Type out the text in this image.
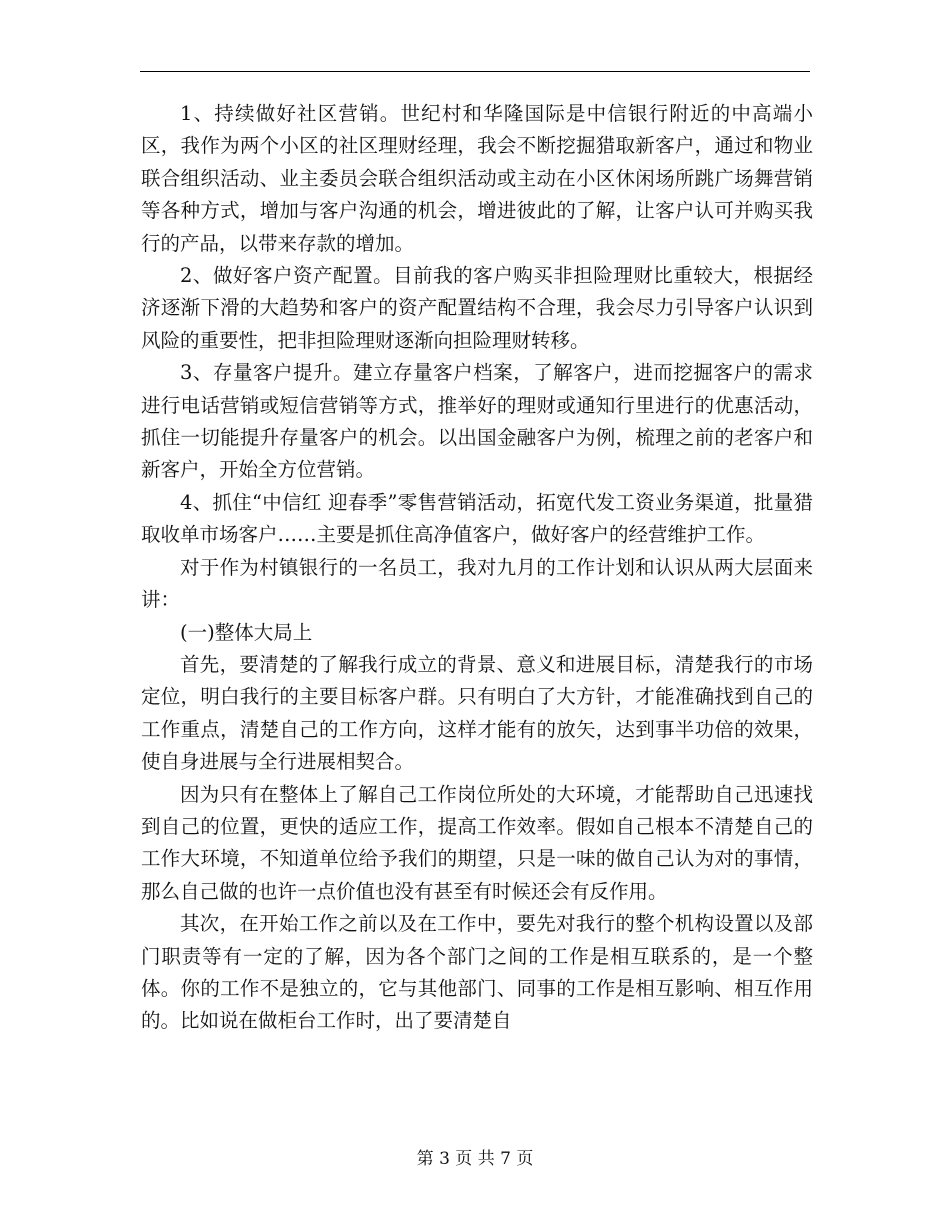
1、持续做好社区营销。世纪村和华隆国际是中信银行附近的中高端小区，我作为两个小区的社区理财经理，我会不断挖掘猎取新客户，通过和物业联合组织活动、业主委员会联合组织活动或主动在小区休闲场所跳广场舞营销等各种方式，增加与客户沟通的机会，增进彼此的了解，让客户认可并购买我行的产品，以带来存款的增加。

2、做好客户资产配置。目前我的客户购买非担险理财比重较大，根据经济逐渐下滑的大趋势和客户的资产配置结构不合理，我会尽力引导客户认识到风险的重要性，把非担险理财逐渐向担险理财转移。

3、存量客户提升。建立存量客户档案，了解客户，进而挖掘客户的需求进行电话营销或短信营销等方式，推举好的理财或通知行里进行的优惠活动，抓住一切能提升存量客户的机会。以出国金融客户为例，梳理之前的老客户和新客户，开始全方位营销。

4、抓住“中信红 迎春季”零售营销活动，拓宽代发工资业务渠道，批量猎取收单市场客户……主要是抓住高净值客户，做好客户的经营维护工作。

对于作为村镇银行的一名员工，我对九月的工作计划和认识从两大层面来讲：

(一)整体大局上

首先，要清楚的了解我行成立的背景、意义和进展目标，清楚我行的市场定位，明白我行的主要目标客户群。只有明白了大方针，才能准确找到自己的工作重点，清楚自己的工作方向，这样才能有的放矢，达到事半功倍的效果，使自身进展与全行进展相契合。

因为只有在整体上了解自己工作岗位所处的大环境，才能帮助自己迅速找到自己的位置，更快的适应工作，提高工作效率。假如自己根本不清楚自己的工作大环境，不知道单位给予我们的期望，只是一味的做自己认为对的事情，那么自己做的也许一点价值也没有甚至有时候还会有反作用。

其次，在开始工作之前以及在工作中，要先对我行的整个机构设置以及部门职责等有一定的了解，因为各个部门之间的工作是相互联系的，是一个整体。你的工作不是独立的，它与其他部门、同事的工作是相互影响、相互作用的。比如说在做柜台工作时，出了要清楚自

第 3 页 共 7 页
